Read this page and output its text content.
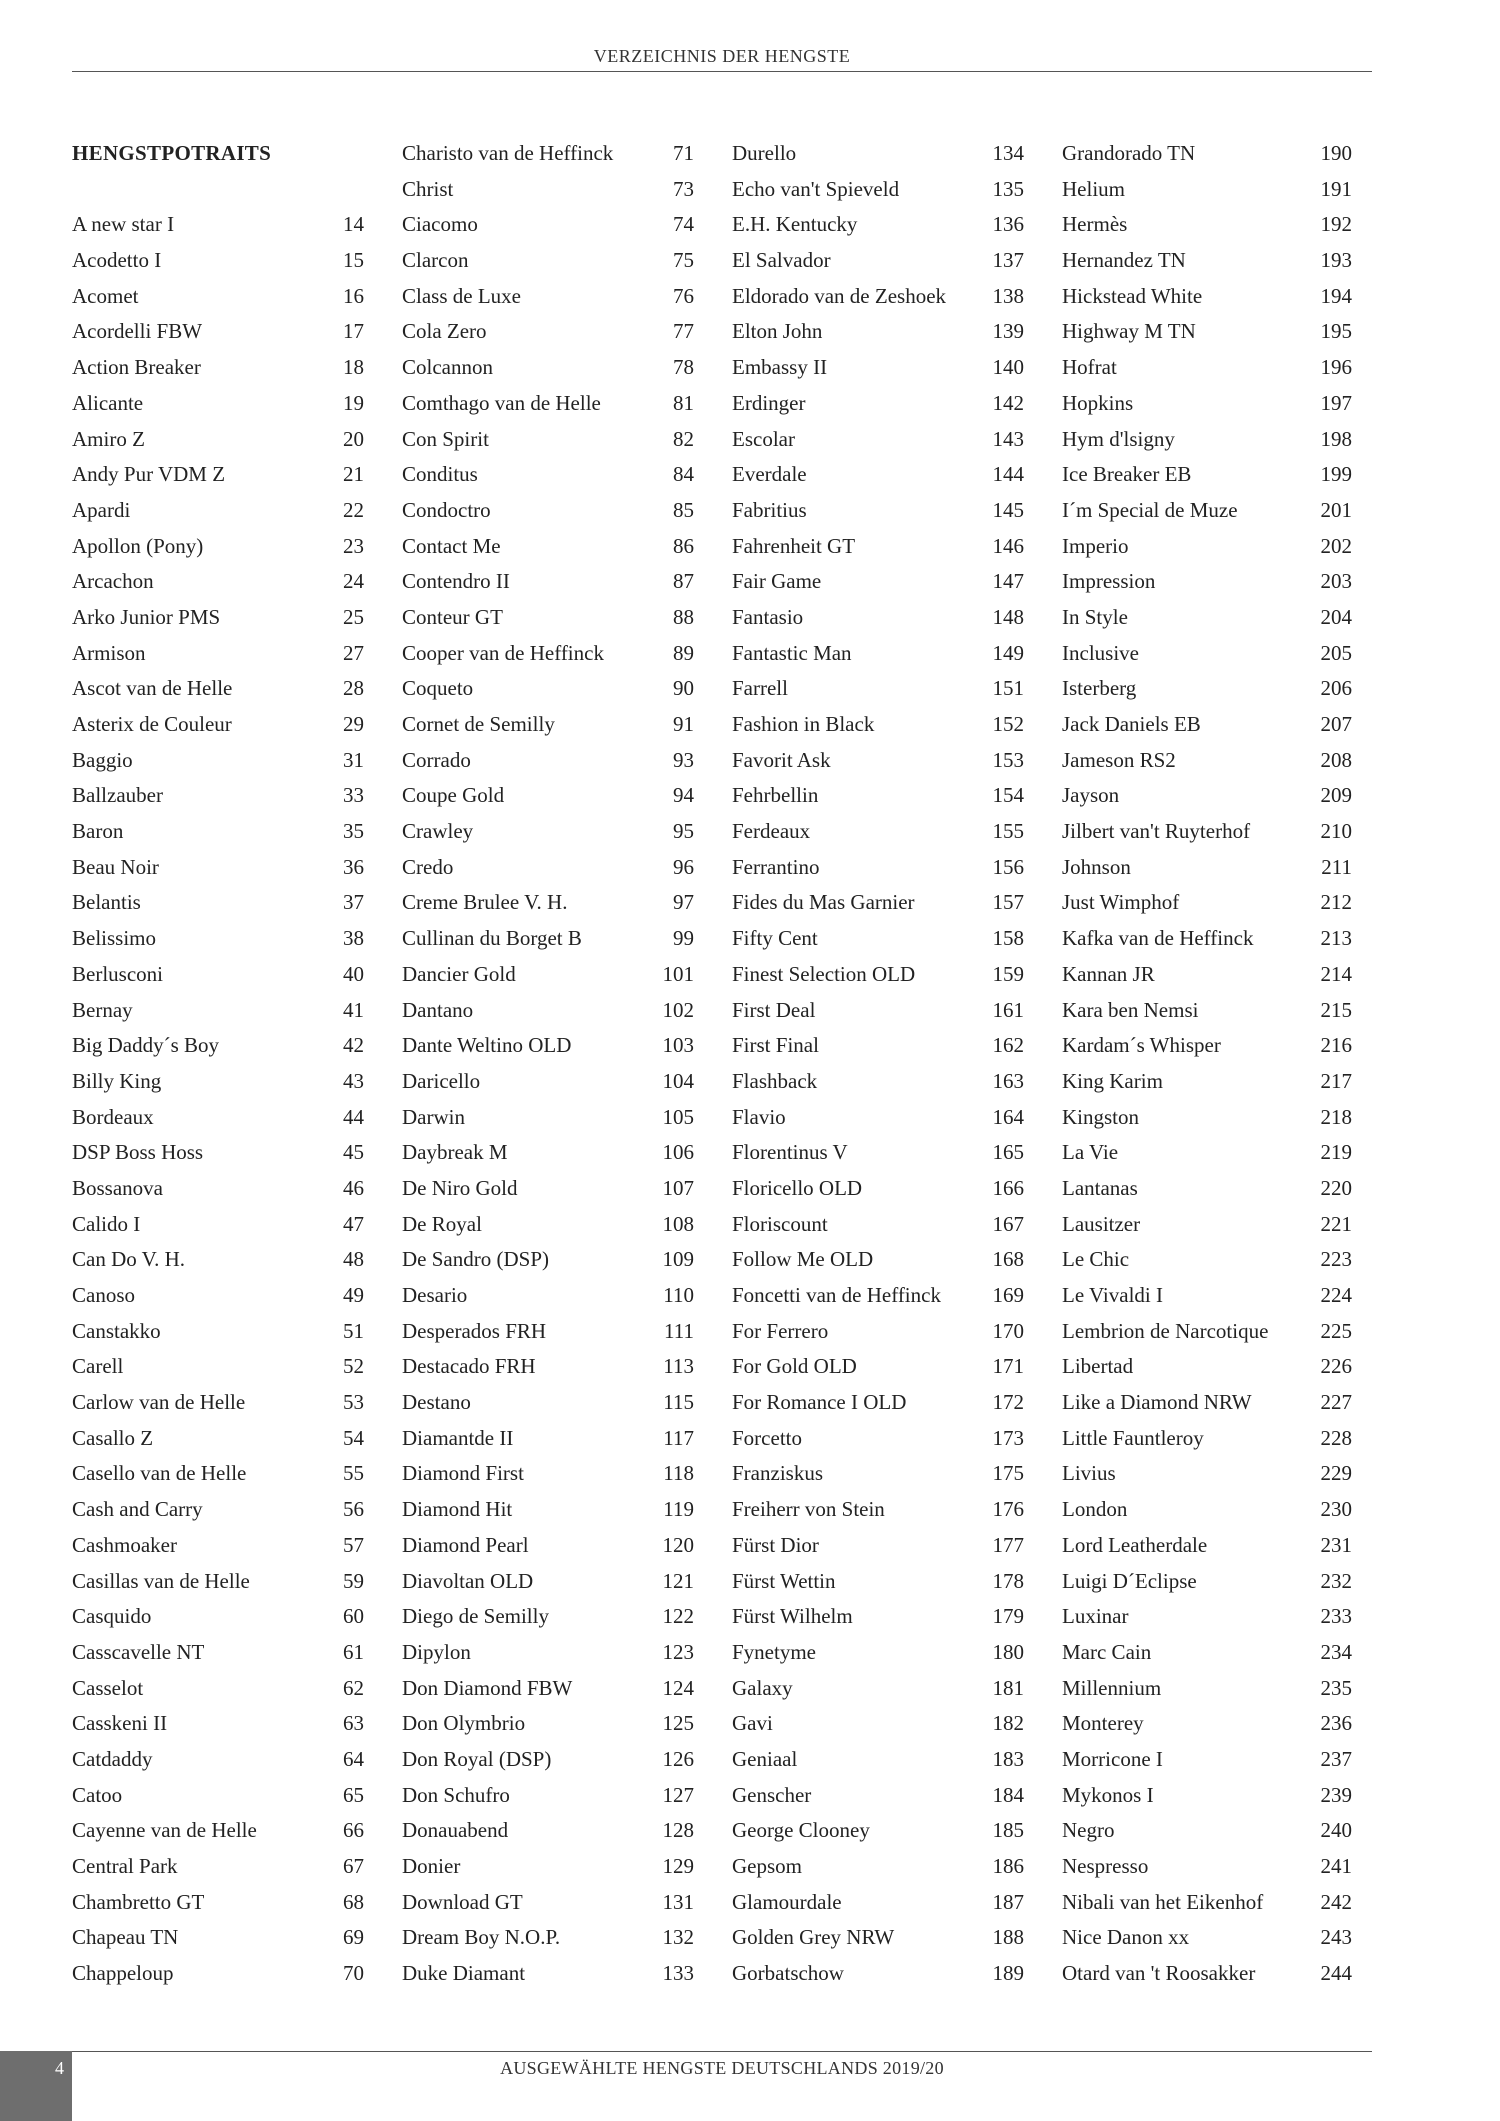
VERZEICHNIS DER HENGSTE
HENGSTPOTRAITS
A new star I	14
Acodetto I	15
Acomet	16
Acordelli FBW	17
Action Breaker	18
Alicante	19
Amiro Z	20
Andy Pur VDM Z	21
Apardi	22
Apollon (Pony)	23
Arcachon	24
Arko Junior PMS	25
Armison	27
Ascot van de Helle	28
Asterix de Couleur	29
Baggio	31
Ballzauber	33
Baron	35
Beau Noir	36
Belantis	37
Belissimo	38
Berlusconi	40
Bernay	41
Big Daddy´s Boy	42
Billy King	43
Bordeaux	44
DSP Boss Hoss	45
Bossanova	46
Calido I	47
Can Do V. H.	48
Canoso	49
Canstakko	51
Carell	52
Carlow van de Helle	53
Casallo Z	54
Casello van de Helle	55
Cash and Carry	56
Cashmoaker	57
Casillas van de Helle	59
Casquido	60
Casscavelle NT	61
Casselot	62
Casskeni II	63
Catdaddy	64
Catoo	65
Cayenne van de Helle	66
Central Park	67
Chambretto GT	68
Chapeau TN	69
Chappeloup	70
Charisto van de Heffinck	71
Christ	73
Ciacomo	74
Clarcon	75
Class de Luxe	76
Cola Zero	77
Colcannon	78
Comthago van de Helle	81
Con Spirit	82
Conditus	84
Condoctro	85
Contact Me	86
Contendro II	87
Conteur GT	88
Cooper van de Heffinck	89
Coqueto	90
Cornet de Semilly	91
Corrado	93
Coupe Gold	94
Crawley	95
Credo	96
Creme Brulee V. H.	97
Cullinan du Borget B	99
Dancier Gold	101
Dantano	102
Dante Weltino OLD	103
Daricello	104
Darwin	105
Daybreak M	106
De Niro Gold	107
De Royal	108
De Sandro (DSP)	109
Desario	110
Desperados FRH	111
Destacado FRH	113
Destano	115
Diamantde II	117
Diamond First	118
Diamond Hit	119
Diamond Pearl	120
Diavoltan OLD	121
Diego de Semilly	122
Dipylon	123
Don Diamond FBW	124
Don Olymbrio	125
Don Royal (DSP)	126
Don Schufro	127
Donauabend	128
Donier	129
Download GT	131
Dream Boy N.O.P.	132
Duke Diamant	133
Durello	134
Echo van't Spieveld	135
E.H. Kentucky	136
El Salvador	137
Eldorado van de Zeshoek	138
Elton John	139
Embassy II	140
Erdinger	142
Escolar	143
Everdale	144
Fabritius	145
Fahrenheit GT	146
Fair Game	147
Fantasio	148
Fantastic Man	149
Farrell	151
Fashion in Black	152
Favorit Ask	153
Fehrbellin	154
Ferdeaux	155
Ferrantino	156
Fides du Mas Garnier	157
Fifty Cent	158
Finest Selection OLD	159
First Deal	161
First Final	162
Flashback	163
Flavio	164
Florentinus V	165
Floricello OLD	166
Floriscount	167
Follow Me OLD	168
Foncetti van de Heffinck	169
For Ferrero	170
For Gold OLD	171
For Romance I OLD	172
Forcetto	173
Franziskus	175
Freiherr von Stein	176
Fürst Dior	177
Fürst Wettin	178
Fürst Wilhelm	179
Fynetyme	180
Galaxy	181
Gavi	182
Geniaal	183
Genscher	184
George Clooney	185
Gepsom	186
Glamourdale	187
Golden Grey NRW	188
Gorbatschow	189
Grandorado TN	190
Helium	191
Hermès	192
Hernandez TN	193
Hickstead White	194
Highway M TN	195
Hofrat	196
Hopkins	197
Hym d'lsigny	198
Ice Breaker EB	199
I´m Special de Muze	201
Imperio	202
Impression	203
In Style	204
Inclusive	205
Isterberg	206
Jack Daniels EB	207
Jameson RS2	208
Jayson	209
Jilbert van't Ruyterhof	210
Johnson	211
Just Wimphof	212
Kafka van de Heffinck	213
Kannan JR	214
Kara ben Nemsi	215
Kardam´s Whisper	216
King Karim	217
Kingston	218
La Vie	219
Lantanas	220
Lausitzer	221
Le Chic	223
Le Vivaldi I	224
Lembrion de Narcotique	225
Libertad	226
Like a Diamond NRW	227
Little Fauntleroy	228
Livius	229
London	230
Lord Leatherdale	231
Luigi D´Eclipse	232
Luxinar	233
Marc Cain	234
Millennium	235
Monterey	236
Morricone I	237
Mykonos I	239
Negro	240
Nespresso	241
Nibali van het Eikenhof	242
Nice Danon xx	243
Otard van 't Roosakker	244
4	AUSGEWÄHLTE HENGSTE DEUTSCHLANDS 2019/20
